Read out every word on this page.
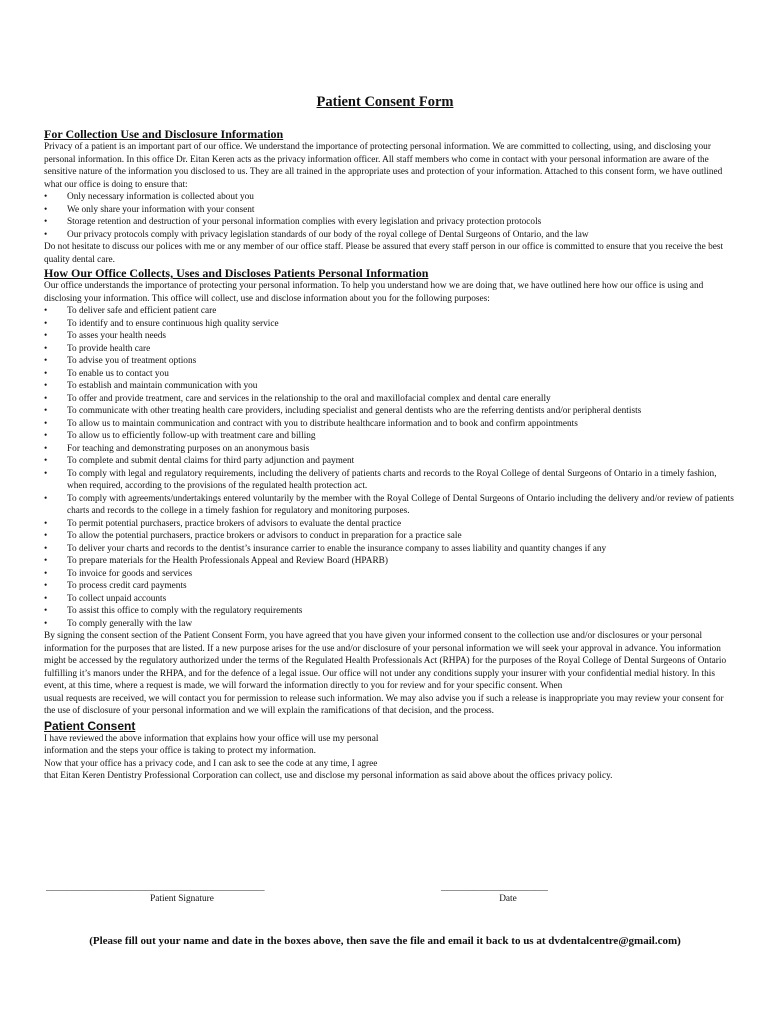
Patient Consent Form

For Collection Use and Disclosure Information

Privacy of a patient is an important part of our office. We understand the importance of protecting personal information. We are committed to collecting, using, and disclosing your personal information. In this office Dr. Eitan Keren acts as the privacy information officer. All staff members who come in contact with your personal information are aware of the sensitive nature of the information you disclosed to us. They are all trained in the appropriate uses and protection of your information. Attached to this consent form, we have outlined what our office is doing to ensure that:

• Only necessary information is collected about you
• We only share your information with your consent
• Storage retention and destruction of your personal information complies with every legislation and privacy protection protocols
• Our privacy protocols comply with privacy legislation standards of our body of the royal college of Dental Surgeons of Ontario, and the law

Do not hesitate to discuss our polices with me or any member of our office staff. Please be assured that every staff person in our office is committed to ensure that you receive the best quality dental care.

How Our Office Collects, Uses and Discloses Patients Personal Information

Our office understands the importance of protecting your personal information. To help you understand how we are doing that, we have outlined here how our office is using and disclosing your information. This office will collect, use and disclose information about you for the following purposes:

• To deliver safe and efficient patient care
• To identify and to ensure continuous high quality service
• To asses your health needs
• To provide health care
• To advise you of treatment options
• To enable us to contact you
• To establish and maintain communication with you
• To offer and provide treatment, care and services in the relationship to the oral and maxillofacial complex and dental care enerally
• To communicate with other treating health care providers, including specialist and general dentists who are the referring dentists and/or peripheral dentists
• To allow us to maintain communication and contract with you to distribute healthcare information and to book and confirm appointments
• To allow us to efficiently follow-up with treatment care and billing
• For teaching and demonstrating purposes on an anonymous basis
• To complete and submit dental claims for third party adjunction and payment
• To comply with legal and regulatory requirements, including the delivery of patients charts and records to the Royal College of dental Surgeons of Ontario in a timely fashion, when required, according to the provisions of the regulated health protection act.
• To comply with agreements/undertakings entered voluntarily by the member with the Royal College of Dental Surgeons of Ontario including the delivery and/or review of patients charts and records to the college in a timely fashion for regulatory and monitoring purposes.
• To permit potential purchasers, practice brokers of advisors to evaluate the dental practice
• To allow the potential purchasers, practice brokers or advisors to conduct in preparation for a practice sale
• To deliver your charts and records to the dentist’s insurance carrier to enable the insurance company to asses liability and quantity changes if any
• To prepare materials for the Health Professionals Appeal and Review Board (HPARB)
• To invoice for goods and services
• To process credit card payments
• To collect unpaid accounts
• To assist this office to comply with the regulatory requirements
• To comply generally with the law

By signing the consent section of the Patient Consent Form, you have agreed that you have given your informed consent to the collection use and/or disclosures or your personal information for the purposes that are listed. If a new purpose arises for the use and/or disclosure of your personal information we will seek your approval in advance. You information might be accessed by the regulatory authorized under the terms of the Regulated Health Professionals Act (RHPA) for the purposes of the Royal College of Dental Surgeons of Ontario fulfilling it’s manors under the RHPA, and for the defence of a legal issue. Our office will not under any conditions supply your insurer with your confidential medial history. In this event, at this time, where a request is made, we will forward the information directly to you for review and for your specific consent. When

usual requests are received, we will contact you for permission to release such information. We may also advise you if such a release is inappropriate you may review your consent for the use of disclosure of your personal information and we will explain the ramifications of that decision, and the process.

Patient Consent

I have reviewed the above information that explains how your office will use my personal

information and the steps your office is taking to protect my information.

Now that your office has a privacy code, and I can ask to see the code at any time, I agree

that Eitan Keren Dentistry Professional Corporation can collect, use and disclose my personal information as said above about the offices privacy policy.

_______________________________________________
Patient Signature
_______________________
Date
(Please fill out your name and date in the boxes above, then save the file and email it back to us at dvdentalcentre@gmail.com)
